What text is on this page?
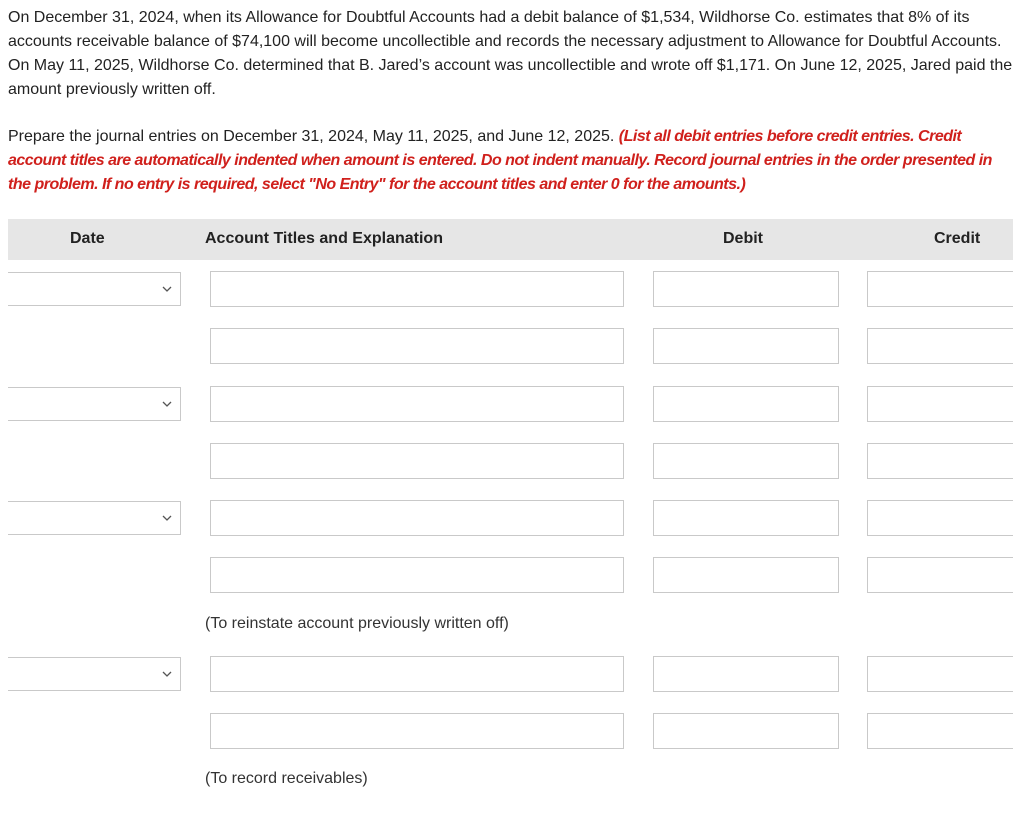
On December 31, 2024, when its Allowance for Doubtful Accounts had a debit balance of $1,534, Wildhorse Co. estimates that 8% of its accounts receivable balance of $74,100 will become uncollectible and records the necessary adjustment to Allowance for Doubtful Accounts. On May 11, 2025, Wildhorse Co. determined that B. Jared’s account was uncollectible and wrote off $1,171. On June 12, 2025, Jared paid the amount previously written off.

Prepare the journal entries on December 31, 2024, May 11, 2025, and June 12, 2025. (List all debit entries before credit entries. Credit account titles are automatically indented when amount is entered. Do not indent manually. Record journal entries in the order presented in the problem. If no entry is required, select "No Entry" for the account titles and enter 0 for the amounts.)

Date	Account Titles and Explanation	Debit	Credit
(To reinstate account previously written off)
(To record receivables)
